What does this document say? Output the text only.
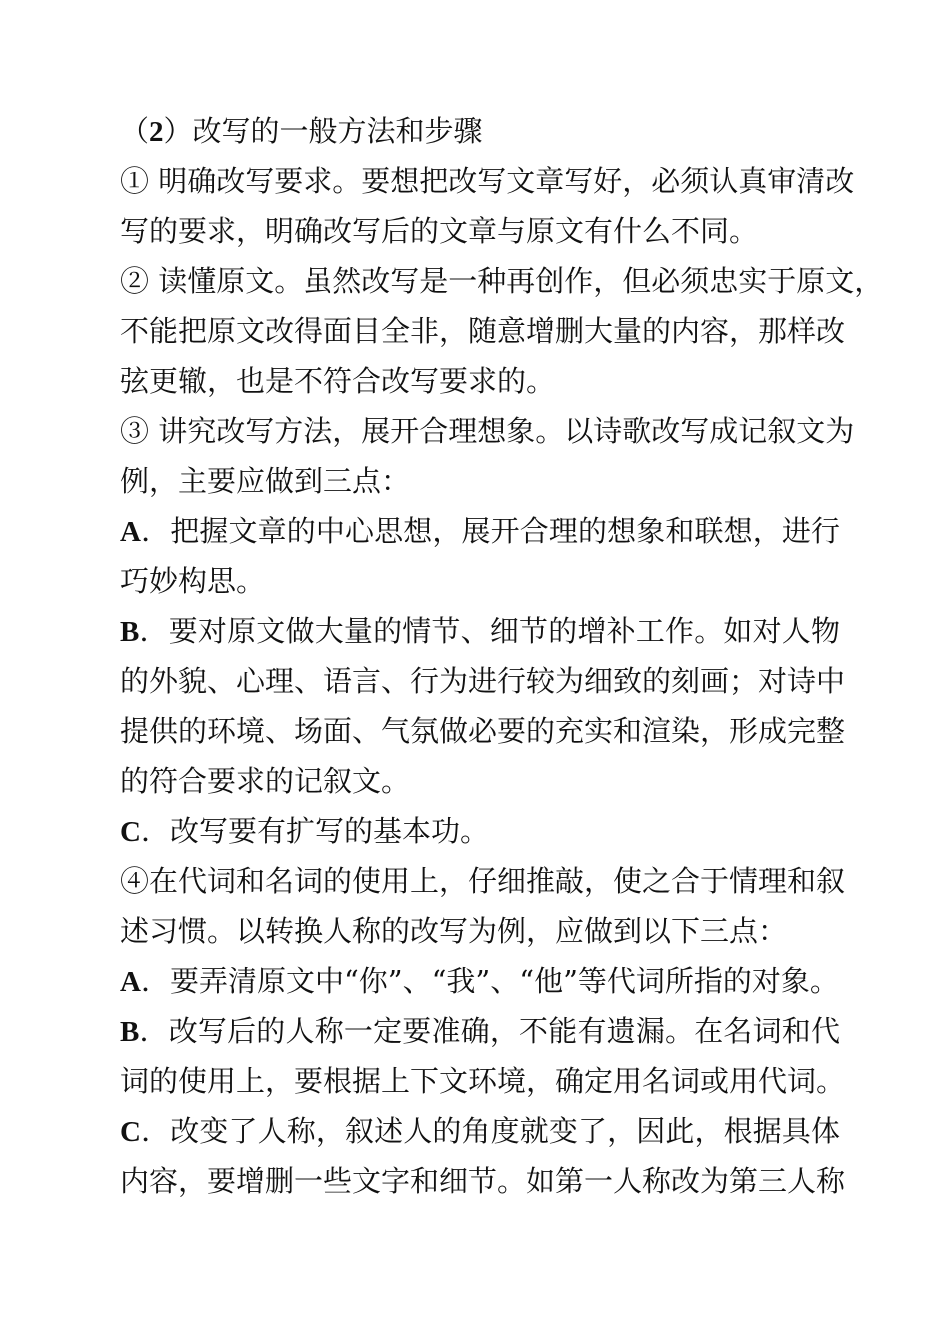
（2）改写的一般方法和步骤
① 明确改写要求。要想把改写文章写好，必须认真审清改
写的要求，明确改写后的文章与原文有什么不同。
② 读懂原文。虽然改写是一种再创作，但必须忠实于原文，
不能把原文改得面目全非，随意增删大量的内容，那样改
弦更辙，也是不符合改写要求的。
③ 讲究改写方法，展开合理想象。以诗歌改写成记叙文为
例，主要应做到三点：
A．把握文章的中心思想，展开合理的想象和联想，进行
巧妙构思。
B．要对原文做大量的情节、细节的增补工作。如对人物
的外貌、心理、语言、行为进行较为细致的刻画；对诗中
提供的环境、场面、气氛做必要的充实和渲染，形成完整
的符合要求的记叙文。
C．改写要有扩写的基本功。
④在代词和名词的使用上，仔细推敲，使之合于情理和叙
述习惯。以转换人称的改写为例，应做到以下三点：
A．要弄清原文中“你”、“我”、“他”等代词所指的对象。
B．改写后的人称一定要准确，不能有遗漏。在名词和代
词的使用上，要根据上下文环境，确定用名词或用代词。
C．改变了人称，叙述人的角度就变了，因此，根据具体
内容，要增删一些文字和细节。如第一人称改为第三人称
